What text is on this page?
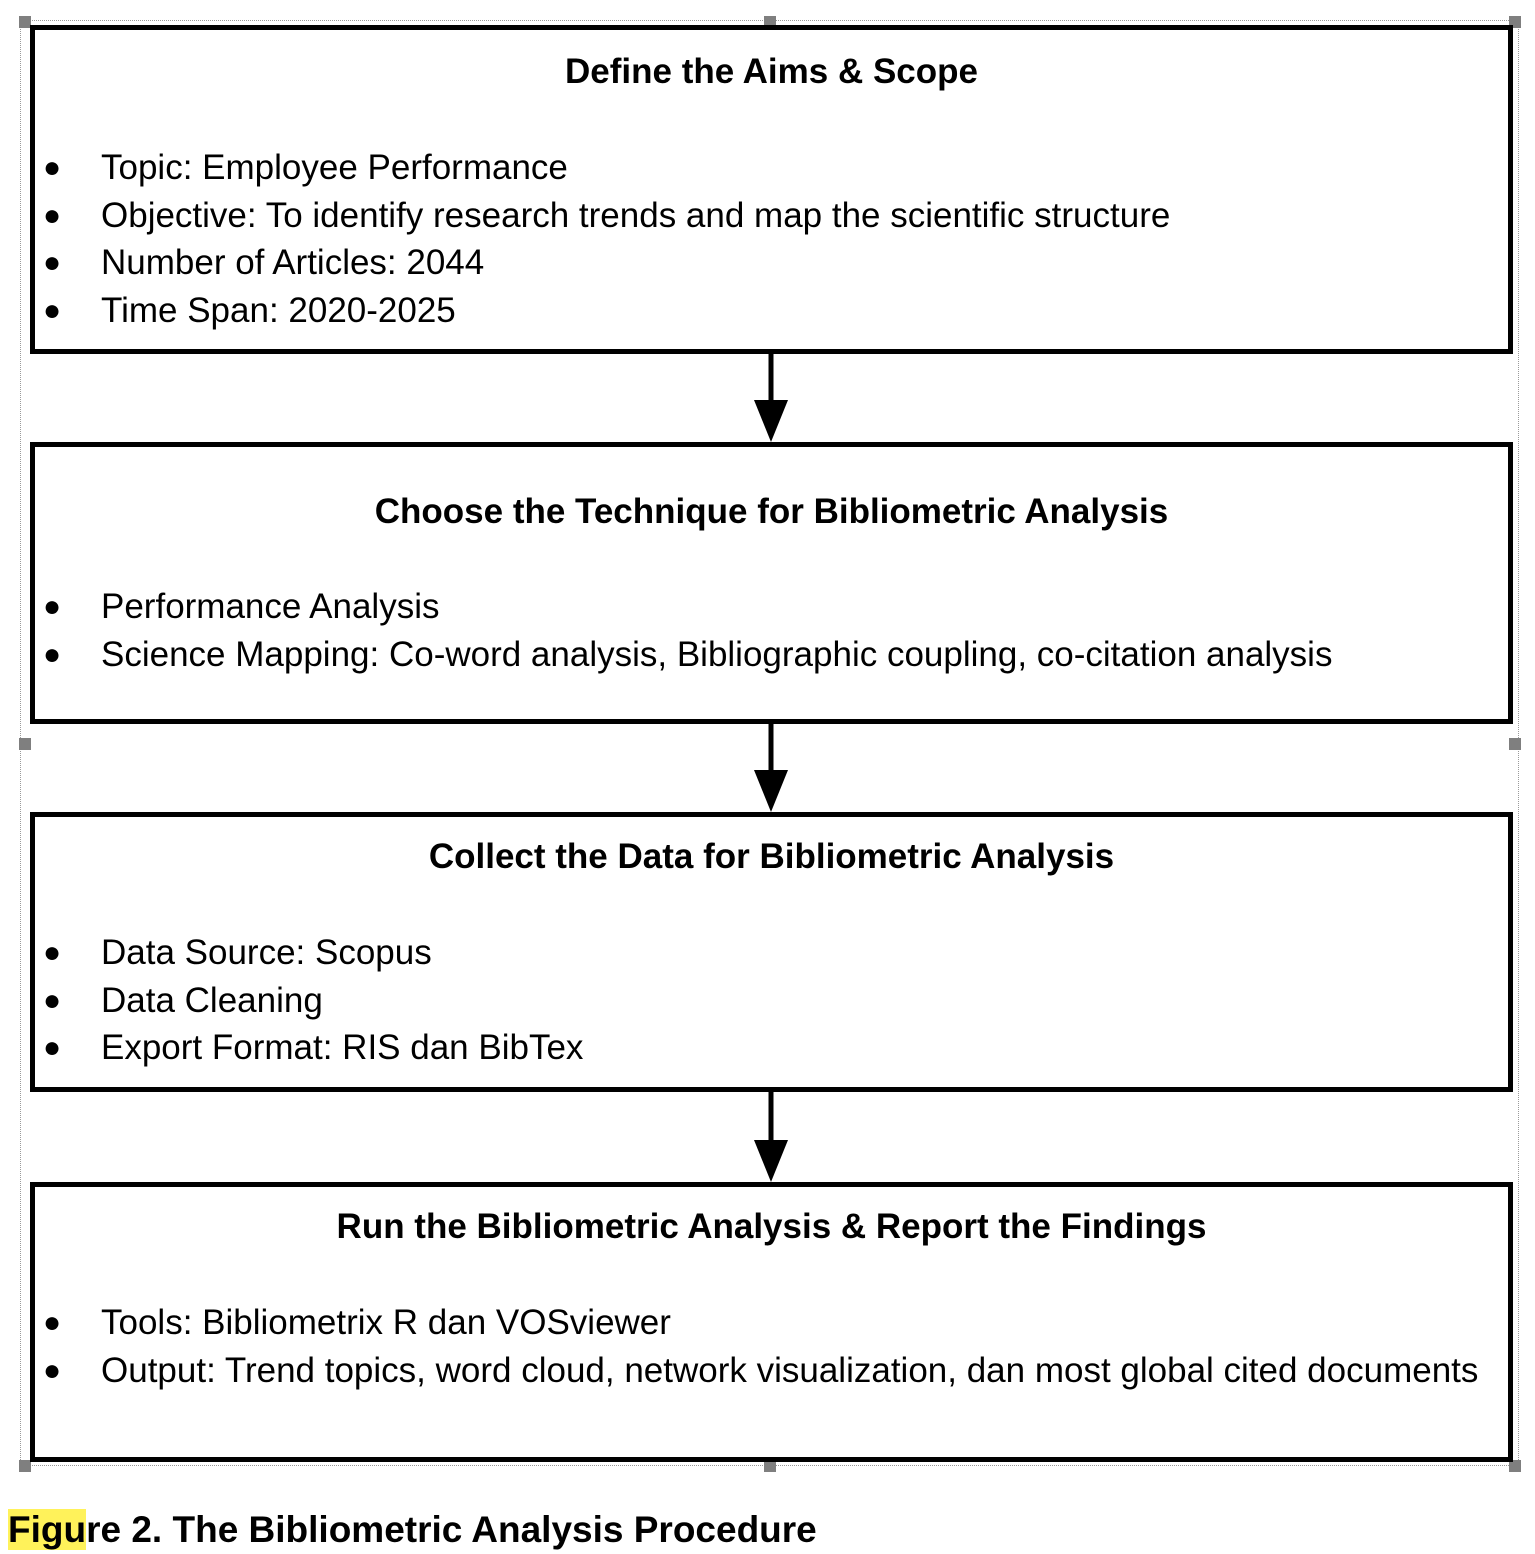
Define the Aims & Scope
● Topic: Employee Performance
● Objective: To identify research trends and map the scientific structure
● Number of Articles: 2044
● Time Span: 2020-2025
Choose the Technique for Bibliometric Analysis
● Performance Analysis
● Science Mapping: Co-word analysis, Bibliographic coupling, co-citation analysis
Collect the Data for Bibliometric Analysis
● Data Source: Scopus
● Data Cleaning
● Export Format: RIS dan BibTex
Run the Bibliometric Analysis & Report the Findings
● Tools: Bibliometrix R dan VOSviewer
● Output: Trend topics, word cloud, network visualization, dan most global cited documents

Figure 2. The Bibliometric Analysis Procedure
